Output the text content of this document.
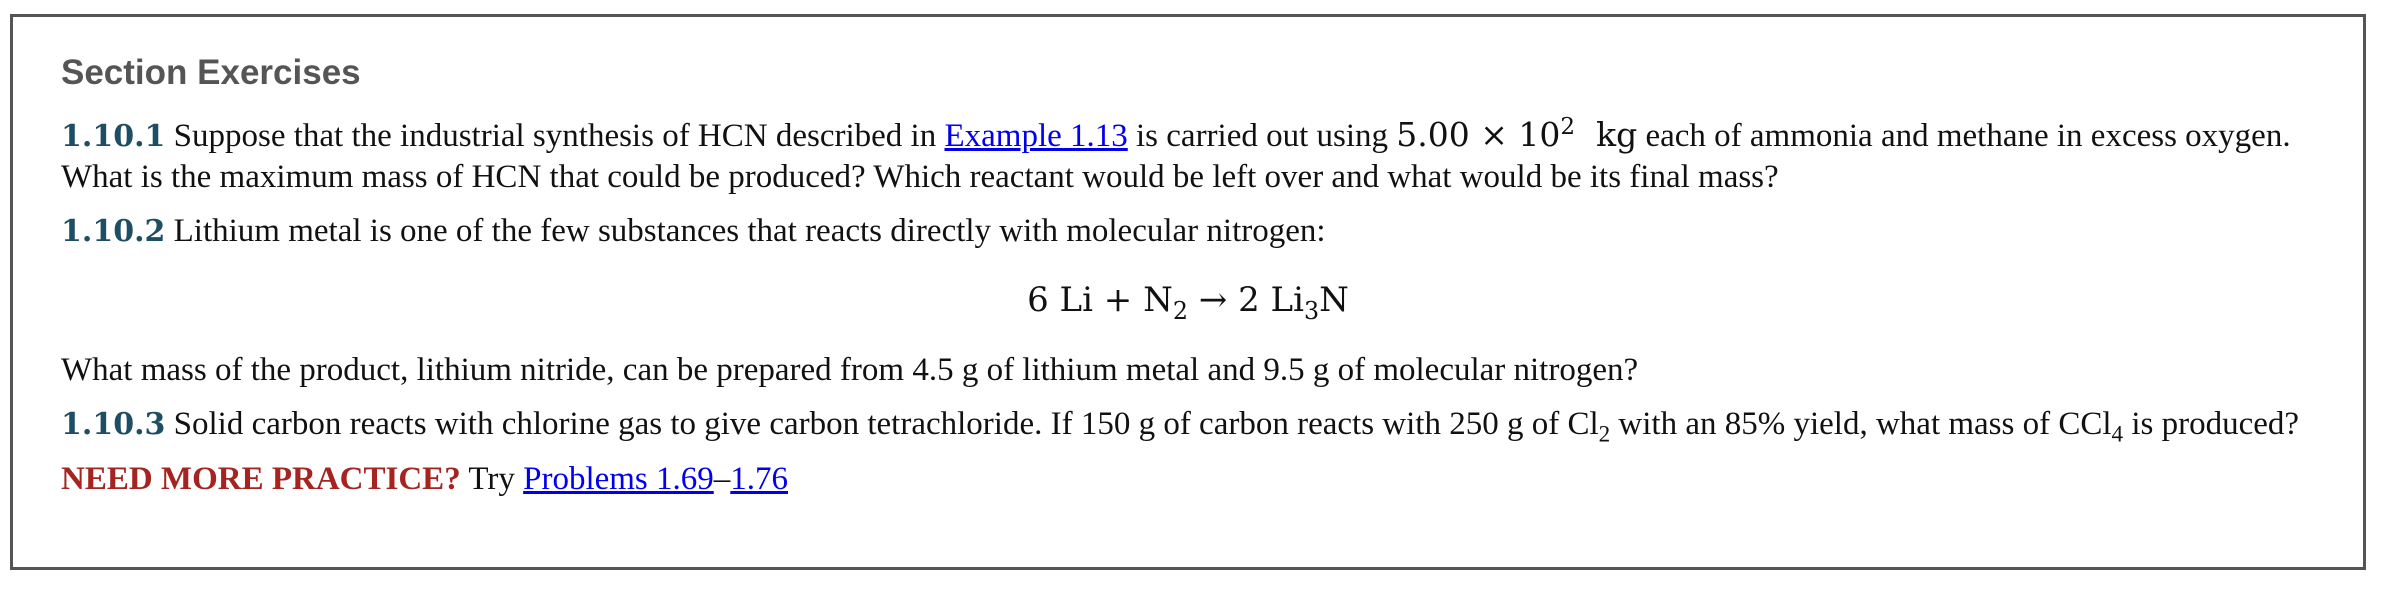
Section Exercises

1.10.1 Suppose that the industrial synthesis of HCN described in Example 1.13 is carried out using $5.00 \times 10^2$ kg each of ammonia and methane in excess oxygen. What is the maximum mass of HCN that could be produced? Which reactant would be left over and what would be its final mass?

1.10.2 Lithium metal is one of the few substances that reacts directly with molecular nitrogen:

6 $Li + N_2 \to 2$ $Li_3N$

What mass of the product, lithium nitride, can be prepared from 4.5 g of lithium metal and 9.5 g of molecular nitrogen?

1.10.3 Solid carbon reacts with chlorine gas to give carbon tetrachloride. If 150 g of carbon reacts with 250 g of $Cl_2$ with an 85% yield, what mass of CCl$_4$ is produced?

NEED MORE PRACTICE? Try Problems 1.69–1.76
